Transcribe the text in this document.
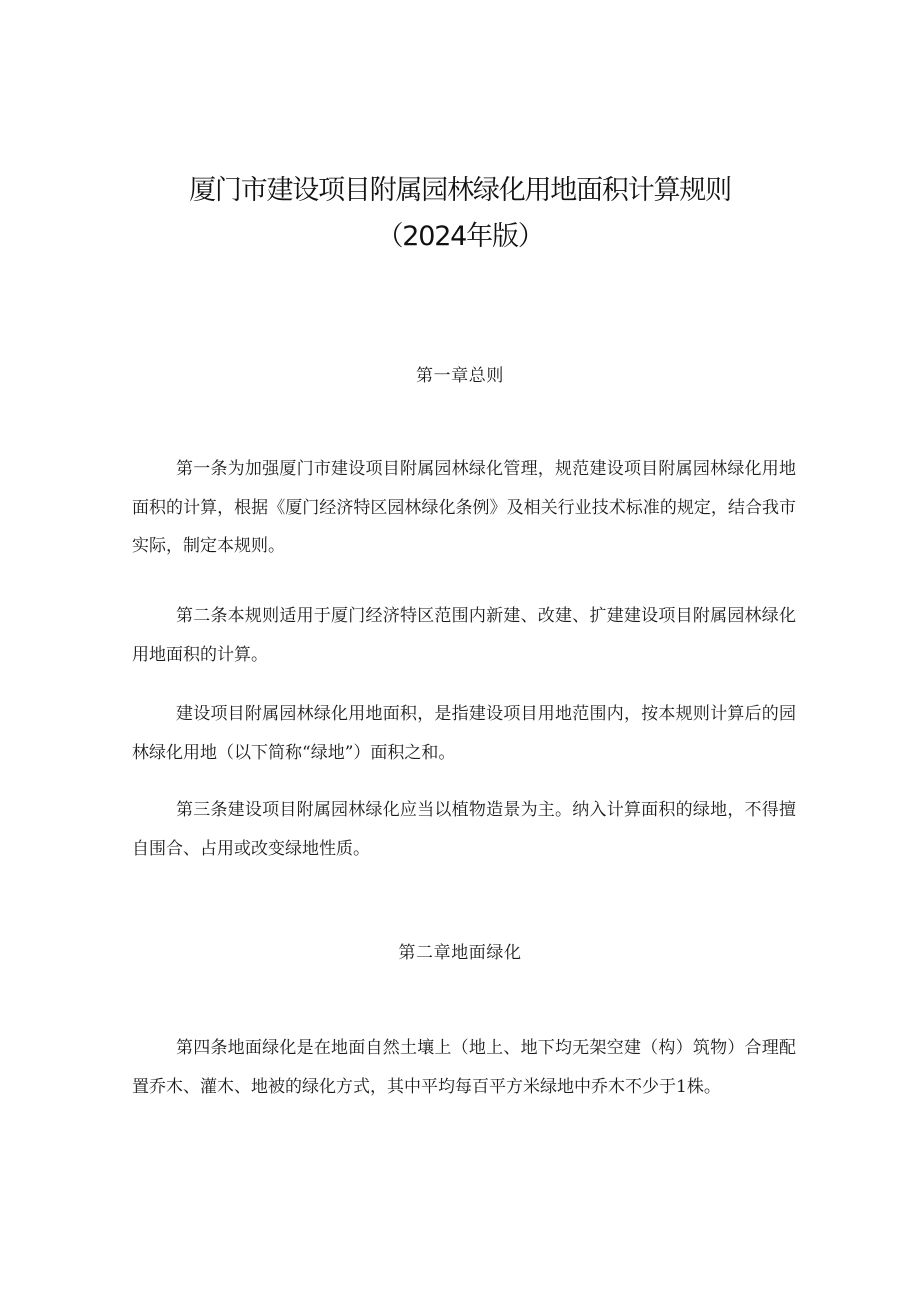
厦门市建设项目附属园林绿化用地面积计算规则
（2024年版）
第一章总则

第一条为加强厦门市建设项目附属园林绿化管理，规范建设项目附属园林绿化用地面积的计算，根据《厦门经济特区园林绿化条例》及相关行业技术标准的规定，结合我市实际，制定本规则。

第二条本规则适用于厦门经济特区范围内新建、改建、扩建建设项目附属园林绿化用地面积的计算。

建设项目附属园林绿化用地面积，是指建设项目用地范围内，按本规则计算后的园林绿化用地（以下简称“绿地”）面积之和。

第三条建设项目附属园林绿化应当以植物造景为主。纳入计算面积的绿地，不得擅自围合、占用或改变绿地性质。

第二章地面绿化

第四条地面绿化是在地面自然土壤上（地上、地下均无架空建（构）筑物）合理配置乔木、灌木、地被的绿化方式，其中平均每百平方米绿地中乔木不少于1株。
